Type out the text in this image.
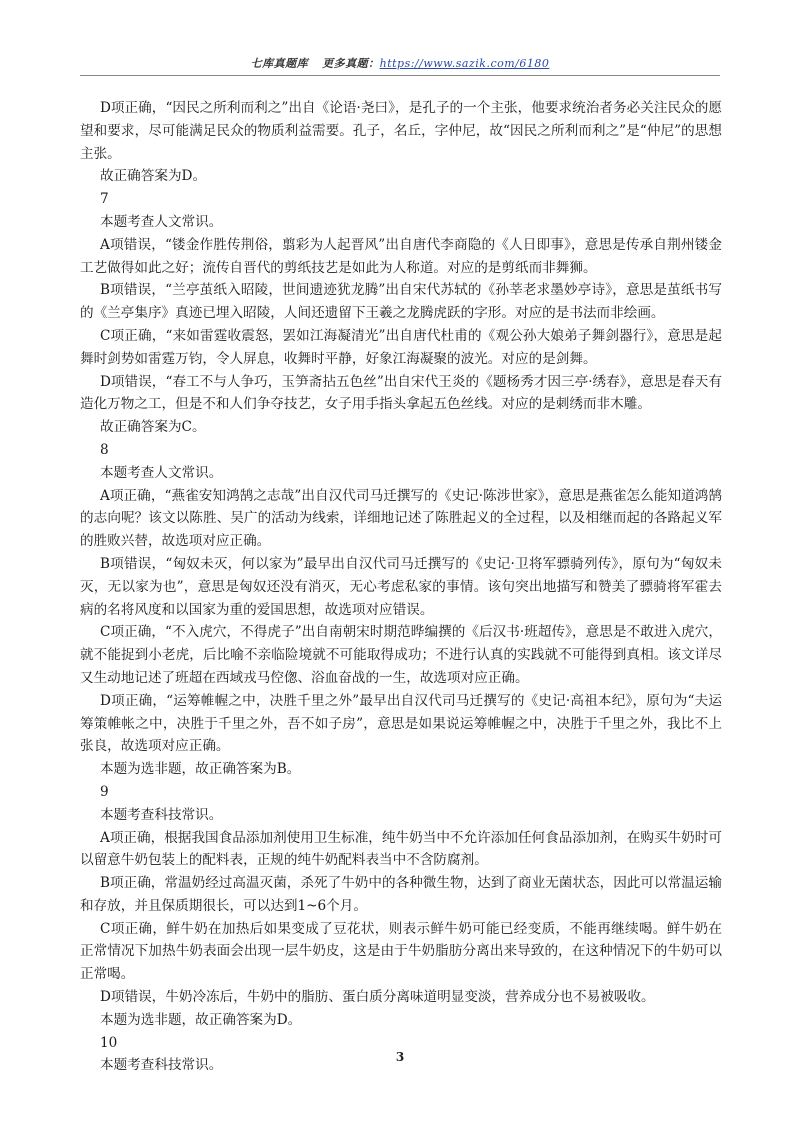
七库真题库 更多真题：https://www.sazik.com/6180

D项正确，“因民之所利而利之”出自《论语·尧曰》，是孔子的一个主张，他要求统治者务必关注民众的愿望和要求，尽可能满足民众的物质利益需要。孔子，名丘，字仲尼，故“因民之所利而利之”是“仲尼”的思想主张。

故正确答案为D。

7

本题考查人文常识。

A项错误，“镂金作胜传荆俗，翦彩为人起晋风”出自唐代李商隐的《人日即事》，意思是传承自荆州镂金工艺做得如此之好；流传自晋代的剪纸技艺是如此为人称道。对应的是剪纸而非舞狮。

B项错误，“兰亭茧纸入昭陵，世间遗迹犹龙腾”出自宋代苏轼的《孙莘老求墨妙亭诗》，意思是茧纸书写的《兰亭集序》真迹已埋入昭陵，人间还遗留下王羲之龙腾虎跃的字形。对应的是书法而非绘画。

C项正确，“来如雷霆收震怒，罢如江海凝清光”出自唐代杜甫的《观公孙大娘弟子舞剑器行》，意思是起舞时剑势如雷霆万钧，令人屏息，收舞时平静，好象江海凝聚的波光。对应的是剑舞。

D项错误，“春工不与人争巧，玉笋斋拈五色丝”出自宋代王炎的《题杨秀才因三亭·绣春》，意思是春天有造化万物之工，但是不和人们争夺技艺，女子用手指头拿起五色丝线。对应的是刺绣而非木雕。

故正确答案为C。

8

本题考查人文常识。

A项正确，“燕雀安知鸿鹄之志哉”出自汉代司马迁撰写的《史记·陈涉世家》，意思是燕雀怎么能知道鸿鹄的志向呢？该文以陈胜、吴广的活动为线索，详细地记述了陈胜起义的全过程，以及相继而起的各路起义军的胜败兴替，故选项对应正确。

B项错误，“匈奴未灭，何以家为”最早出自汉代司马迁撰写的《史记·卫将军骠骑列传》，原句为“匈奴未灭，无以家为也”，意思是匈奴还没有消灭，无心考虑私家的事情。该句突出地描写和赞美了骠骑将军霍去病的名将风度和以国家为重的爱国思想，故选项对应错误。

C项正确，“不入虎穴，不得虎子”出自南朝宋时期范晔编撰的《后汉书·班超传》，意思是不敢进入虎穴，就不能捉到小老虎，后比喻不亲临险境就不可能取得成功；不进行认真的实践就不可能得到真相。该文详尽又生动地记述了班超在西域戎马倥偬、浴血奋战的一生，故选项对应正确。

D项正确，“运筹帷幄之中，决胜千里之外”最早出自汉代司马迁撰写的《史记·高祖本纪》，原句为“夫运筹策帷帐之中，决胜于千里之外，吾不如子房”，意思是如果说运筹帷幄之中，决胜于千里之外，我比不上张良，故选项对应正确。

本题为选非题，故正确答案为B。

9

本题考查科技常识。

A项正确，根据我国食品添加剂使用卫生标准，纯牛奶当中不允许添加任何食品添加剂，在购买牛奶时可以留意牛奶包装上的配料表，正规的纯牛奶配料表当中不含防腐剂。

B项正确，常温奶经过高温灭菌，杀死了牛奶中的各种微生物，达到了商业无菌状态，因此可以常温运输和存放，并且保质期很长，可以达到1~6个月。

C项正确，鲜牛奶在加热后如果变成了豆花状，则表示鲜牛奶可能已经变质，不能再继续喝。鲜牛奶在正常情况下加热牛奶表面会出现一层牛奶皮，这是由于牛奶脂肪分离出来导致的，在这种情况下的牛奶可以正常喝。

D项错误，牛奶冷冻后，牛奶中的脂肪、蛋白质分离味道明显变淡，营养成分也不易被吸收。

本题为选非题，故正确答案为D。

10

本题考查科技常识。

3
